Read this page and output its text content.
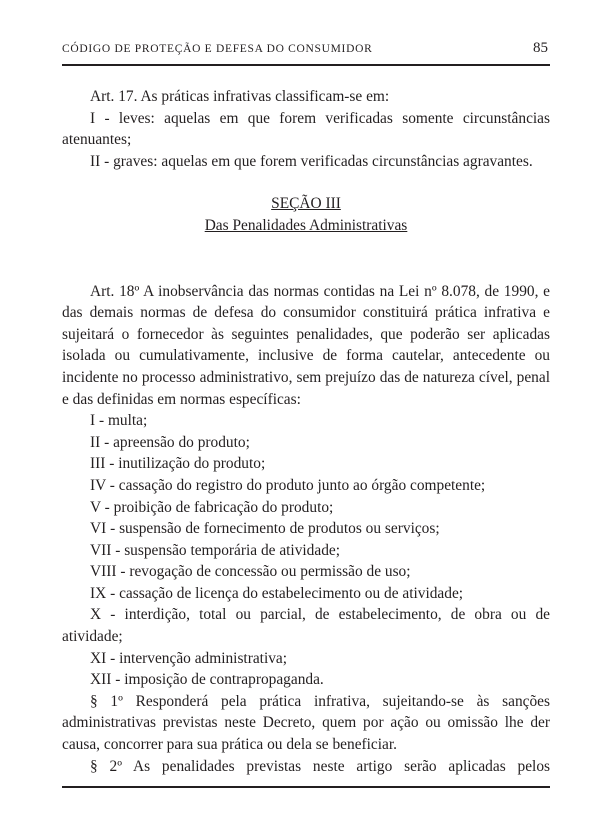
CÓDIGO DE PROTEÇÃO E DEFESA DO CONSUMIDOR	85

Art. 17. As práticas infrativas classificam-se em:

I - leves: aquelas em que forem verificadas somente circunstâncias atenuantes;

II - graves: aquelas em que forem verificadas circunstâncias agravantes.

SEÇÃO III
Das Penalidades Administrativas

Art. 18º A inobservância das normas contidas na Lei nº 8.078, de 1990, e das demais normas de defesa do consumidor constituirá prática infrativa e sujeitará o fornecedor às seguintes penalidades, que poderão ser aplicadas isolada ou cumulativamente, inclusive de forma cautelar, antecedente ou incidente no processo administrativo, sem prejuízo das de natureza cível, penal e das definidas em normas específicas:

I - multa;

II - apreensão do produto;

III - inutilização do produto;

IV - cassação do registro do produto junto ao órgão competente;

V - proibição de fabricação do produto;

VI - suspensão de fornecimento de produtos ou serviços;

VII - suspensão temporária de atividade;

VIII - revogação de concessão ou permissão de uso;

IX - cassação de licença do estabelecimento ou de atividade;

X - interdição, total ou parcial, de estabelecimento, de obra ou de atividade;

XI - intervenção administrativa;

XII - imposição de contrapropaganda.

§ 1º Responderá pela prática infrativa, sujeitando-se às sanções administrativas previstas neste Decreto, quem por ação ou omissão lhe der causa, concorrer para sua prática ou dela se beneficiar.

§ 2º As penalidades previstas neste artigo serão aplicadas pelos
